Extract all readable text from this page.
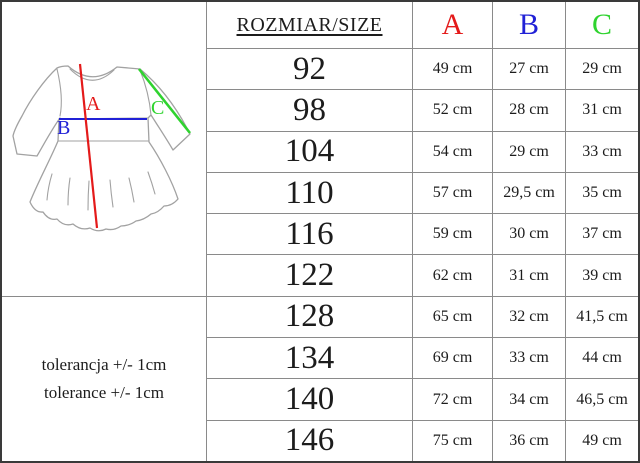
A
B
C
tolerancja +/- 1cm
tolerance +/- 1cm
ROZMIAR/SIZE	A	B	C
92	49 cm	27 cm	29 cm
98	52 cm	28 cm	31 cm
104	54 cm	29 cm	33 cm
110	57 cm	29,5 cm	35 cm
116	59 cm	30 cm	37 cm
122	62 cm	31 cm	39 cm
128	65 cm	32 cm	41,5 cm
134	69 cm	33 cm	44 cm
140	72 cm	34 cm	46,5 cm
146	75 cm	36 cm	49 cm
